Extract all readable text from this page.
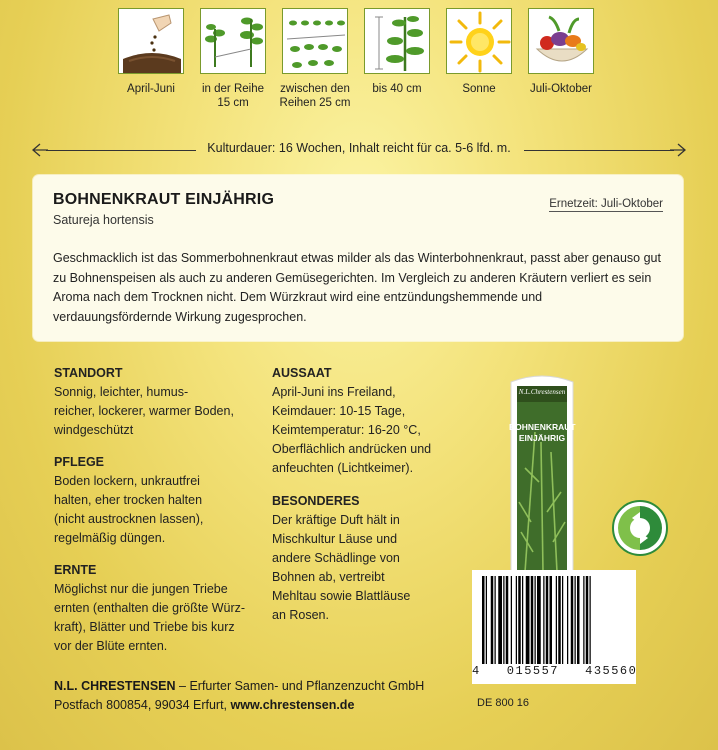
April-Juni	in der Reihe
15 cm
zwischen den
Reihen 25 cm
bis 40 cm	Sonne	Juli-Oktober
Kulturdauer: 16 Wochen, Inhalt reicht für ca. 5-6 lfd. m.
BOHNENKRAUT EINJÄHRIG
Satureja hortensis
Ernetzeit: Juli-Oktober

Geschmacklich ist das Sommerbohnenkraut etwas milder als das Winterbohnenkraut, passt aber genauso gut zu Bohnenspeisen als auch zu anderen Gemüsegerichten. Im Vergleich zu anderen Kräutern verliert es sein Aroma nach dem Trocknen nicht. Dem Würzkraut wird eine entzündungshemmende und verdauungsfördernde Wirkung zugesprochen.

STANDORT
Sonnig, leichter, humus-
reicher, lockerer, warmer Boden,
windgeschützt
PFLEGE
Boden lockern, unkrautfrei
halten, eher trocken halten
(nicht austrocknen lassen),
regelmäßig düngen.
ERNTE
Möglichst nur die jungen Triebe
ernten (enthalten die größte Würz-
kraft), Blätter und Triebe bis kurz
vor der Blüte ernten.
AUSSAAT
April-Juni ins Freiland,
Keimdauer: 10-15 Tage,
Keimtemperatur: 16-20 °C,
Oberflächlich andrücken und
anfeuchten (Lichtkeimer).
BESONDERES
Der kräftige Duft hält in
Mischkultur Läuse und
andere Schädlinge von
Bohnen ab, vertreibt
Mehltau sowie Blattläuse
an Rosen.
N.L.Chrestensen
BOHNENKRAUT
EINJÄHRIG
4   015557   435560
DE 800 16
N.L. CHRESTENSEN – Erfurter Samen- und Pflanzenzucht GmbH
Postfach 800854, 99034 Erfurt, www.chrestensen.de
